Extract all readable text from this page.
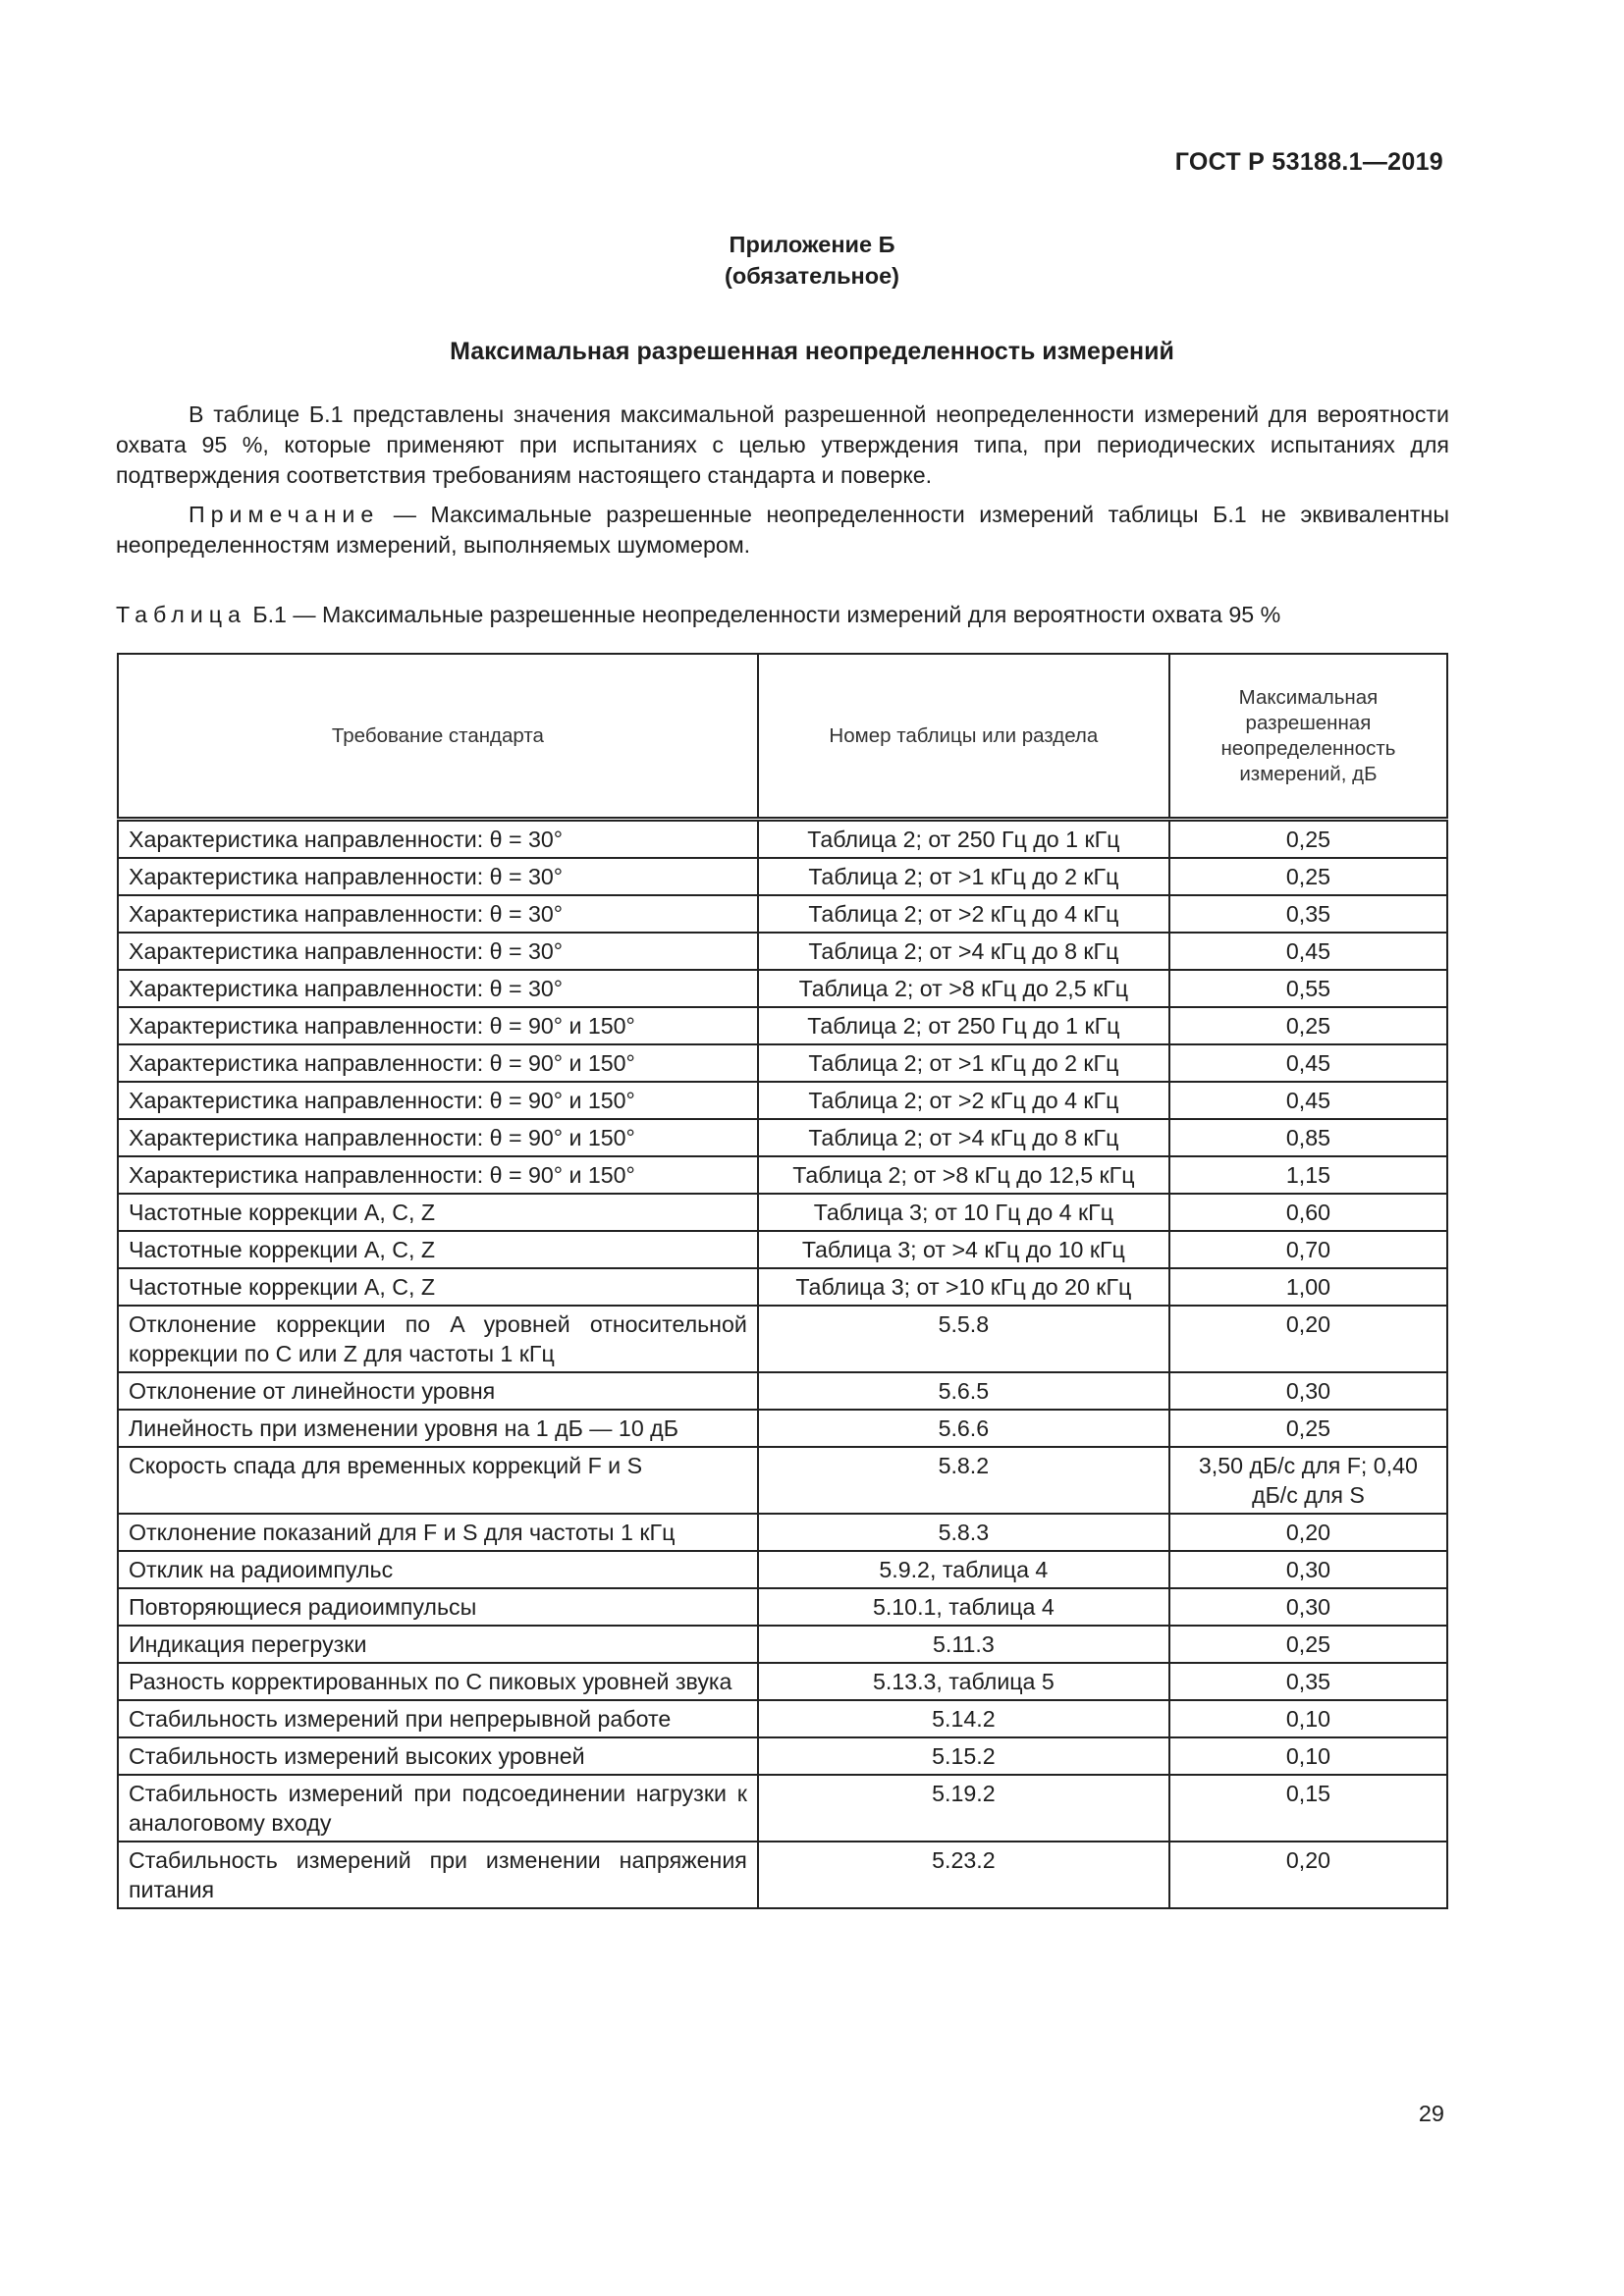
ГОСТ Р 53188.1—2019
Приложение Б
(обязательное)
Максимальная разрешенная неопределенность измерений
В таблице Б.1 представлены значения максимальной разрешенной неопределенности измерений для вероятности охвата 95 %, которые применяют при испытаниях с целью утверждения типа, при периодических испытаниях для подтверждения соответствия требованиям настоящего стандарта и поверке.
Примечание — Максимальные разрешенные неопределенности измерений таблицы Б.1 не эквивалентны неопределенностям измерений, выполняемых шумомером.
Таблица Б.1 — Максимальные разрешенные неопределенности измерений для вероятности охвата 95 %
Требование стандарта	Номер таблицы или раздела	Максимальная разрешенная неопределенность измерений, дБ
Характеристика направленности: θ = 30°	Таблица 2; от 250 Гц до 1 кГц	0,25
Характеристика направленности: θ = 30°	Таблица 2; от >1 кГц до 2 кГц	0,25
Характеристика направленности: θ = 30°	Таблица 2; от >2 кГц до 4 кГц	0,35
Характеристика направленности: θ = 30°	Таблица 2; от >4 кГц до 8 кГц	0,45
Характеристика направленности: θ = 30°	Таблица 2; от >8 кГц до 2,5 кГц	0,55
Характеристика направленности: θ = 90° и 150°	Таблица 2; от 250 Гц до 1 кГц	0,25
Характеристика направленности: θ = 90° и 150°	Таблица 2; от >1 кГц до 2 кГц	0,45
Характеристика направленности: θ = 90° и 150°	Таблица 2; от >2 кГц до 4 кГц	0,45
Характеристика направленности: θ = 90° и 150°	Таблица 2; от >4 кГц до 8 кГц	0,85
Характеристика направленности: θ = 90° и 150°	Таблица 2; от >8 кГц до 12,5 кГц	1,15
Частотные коррекции A, C, Z	Таблица 3; от 10 Гц до 4 кГц	0,60
Частотные коррекции A, C, Z	Таблица 3; от >4 кГц до 10 кГц	0,70
Частотные коррекции A, C, Z	Таблица 3; от >10 кГц до 20 кГц	1,00
Отклонение коррекции по A уровней относительной коррекции по C или Z для частоты 1 кГц	5.5.8	0,20
Отклонение от линейности уровня	5.6.5	0,30
Линейность при изменении уровня на 1 дБ — 10 дБ	5.6.6	0,25
Скорость спада для временных коррекций F и S	5.8.2	3,50 дБ/с для F; 0,40 дБ/с для S
Отклонение показаний для F и S для частоты 1 кГц	5.8.3	0,20
Отклик на радиоимпульс	5.9.2, таблица 4	0,30
Повторяющиеся радиоимпульсы	5.10.1, таблица 4	0,30
Индикация перегрузки	5.11.3	0,25
Разность корректированных по C пиковых уровней звука	5.13.3, таблица 5	0,35
Стабильность измерений при непрерывной работе	5.14.2	0,10
Стабильность измерений высоких уровней	5.15.2	0,10
Стабильность измерений при подсоединении нагрузки к аналоговому входу	5.19.2	0,15
Стабильность измерений при изменении напряжения питания	5.23.2	0,20
29
